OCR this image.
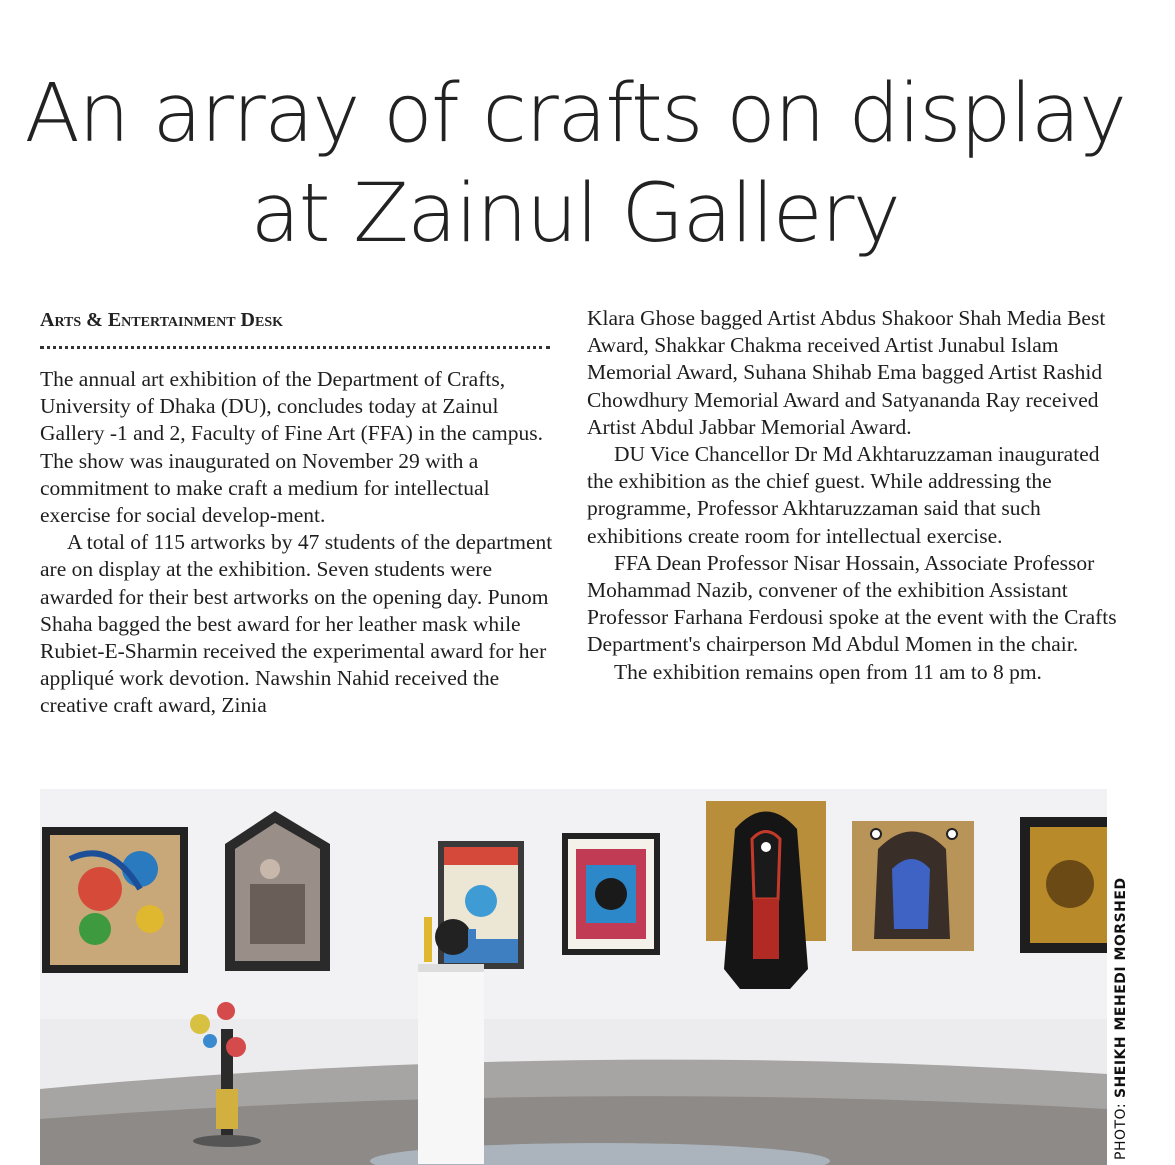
An array of crafts on display
at Zainul Gallery
Arts & Entertainment Desk

The annual art exhibition of the Department of Crafts, University of Dhaka (DU), concludes today at Zainul Gallery -1 and 2, Faculty of Fine Art (FFA) in the campus. The show was inaugurated on November 29 with a commitment to make craft a medium for intellectual exercise for social develop-ment.

A total of 115 artworks by 47 students of the department are on display at the exhibition. Seven students were awarded for their best artworks on the opening day. Punom Shaha bagged the best award for her leather mask while Rubiet-E-Sharmin received the experimental award for her appliqué work devotion. Nawshin Nahid received the creative craft award, Zinia

Klara Ghose bagged Artist Abdus Shakoor Shah Media Best Award, Shakkar Chakma received Artist Junabul Islam Memorial Award, Suhana Shihab Ema bagged Artist Rashid Chowdhury Memorial Award and Satyananda Ray received Artist Abdul Jabbar Memorial Award.

DU Vice Chancellor Dr Md Akhtaruzzaman inaugurated the exhibition as the chief guest. While addressing the programme, Professor Akhtaruzzaman said that such exhibitions create room for intellectual exercise.

FFA Dean Professor Nisar Hossain, Associate Professor Mohammad Nazib, convener of the exhibition Assistant Professor Farhana Ferdousi spoke at the event with the Crafts Department's chairperson Md Abdul Momen in the chair.

The exhibition remains open from 11 am to 8 pm.

PHOTO: SHEIKH MEHEDI MORSHED
